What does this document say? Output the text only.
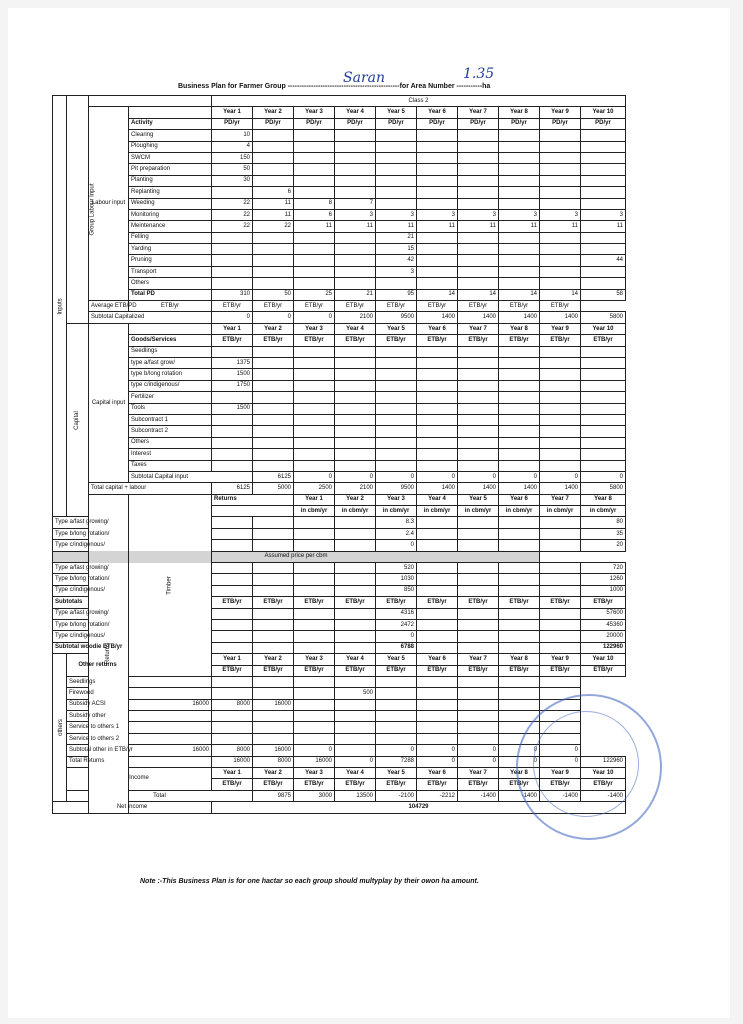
Business Plan for Farmer Group ------------------------------------------------for Area Number -----------ha
Saran	1.35
Inputs	Group Labour Input			Class 2										
		Labour input		Year 1	Year 2	Year 3	Year 4	Year 5	Year 6	Year 7	Year 8	Year 9	Year 10	
			Activity	PD/yr	PD/yr	PD/yr	PD/yr	PD/yr	PD/yr	PD/yr	PD/yr	PD/yr	PD/yr	
			Clearing	10										
			Ploughing	4										
			SWCM	150										
			Pit preparation	50										
			Planting	30										
			Replanting		6									
			Weeding	22	11	8	7							
			Monitoring	22	11	6	3	3	3	3	3	3	3	
			Meintenance	22	22	11	11	11	11	11	11	11	11	
			Felling					21						
			Yarding					15						
			Pruning					42					44	
			Transport					3						
			Others											
			Total PD	310	50	25	21	95	14	14	14	14	58	
		Average ETB/PD	ETB/yr	ETB/yr	ETB/yr	ETB/yr	ETB/yr	ETB/yr	ETB/yr	ETB/yr	ETB/yr	ETB/yr		
		Subtotal Capitalized		0	0	0	2100	9500	1400	1400	1400	1400	5800	
	Capital	Capital input		Year 1	Year 2	Year 3	Year 4	Year 5	Year 6	Year 7	Year 8	Year 9	Year 10	
			Goods/Services	ETB/yr	ETB/yr	ETB/yr	ETB/yr	ETB/yr	ETB/yr	ETB/yr	ETB/yr	ETB/yr	ETB/yr	
			Seedlings											
			type a/fast grow/	1375										
			type b/long rotation	1500										
			type c/indigenous/	1750										
			Fertilizer											
			Tools	1500										
			Subcontract 1											
			Subcontract 2											
			Others											
			Interest											
			Taxes											
			Subtotal Capital input		6125	0	0	0	0	0	0	0	0	
		Total capital + labour		6125	5000	2500	2100	9500	1400	1400	1400	1400	5800	
		Returns	Timber	Returns		Year 1	Year 2	Year 3	Year 4	Year 5	Year 6	Year 7	Year 8		
						in cbm/yr	in cbm/yr	in cbm/yr	in cbm/yr	in cbm/yr	in cbm/yr	in cbm/yr	in cbm/yr		
Type a/fast growing/								8.3					80	
Type b/long rotation/								2.4					35	
Type c/indigenous/								0					20	
Assumed price per cbm														
Type a/fast growing/								520					720	
Type b/long rotation/								1030					1260	
Type c/indigenous/								850					1000	
Subtotals				ETB/yr	ETB/yr	ETB/yr	ETB/yr	ETB/yr	ETB/yr	ETB/yr	ETB/yr	ETB/yr	ETB/yr	
Type a/fast growing/								4316					57600	
Type b/long rotation/								2472					45360	
Type c/indigenous/								0					20000	
Subtotal woodie ETB/yr								6788					122960	
others	Other returns			Year 1	Year 2	Year 3	Year 4	Year 5	Year 6	Year 7	Year 8	Year 9	Year 10	
				ETB/yr	ETB/yr	ETB/yr	ETB/yr	ETB/yr	ETB/yr	ETB/yr	ETB/yr	ETB/yr	ETB/yr	
	Seedlings													
	Firewood						500							
	Subsidy ACSI		16000	8000	16000									
	Subsidy other													
	Service to others 1													
	Service to others 2													
	Subtotal other in ETB/yr		16000	8000	16000	0		0	0	0	0	0		
	Total Returns			16000	8000	16000	0	7288	0	0	0	0	122960	
	Income			Year 1	Year 2	Year 3	Year 4	Year 5	Year 6	Year 7	Year 8	Year 9	Year 10	
				ETB/yr	ETB/yr	ETB/yr	ETB/yr	ETB/yr	ETB/yr	ETB/yr	ETB/yr	ETB/yr	ETB/yr	
	Total				9875	3000	13500	-2100	-2212	-1400	-1400	-1400	-1400	
Net income				104729										
Note :-This Business Plan is for one hactar so each group should multyplay by their owon ha amount.
